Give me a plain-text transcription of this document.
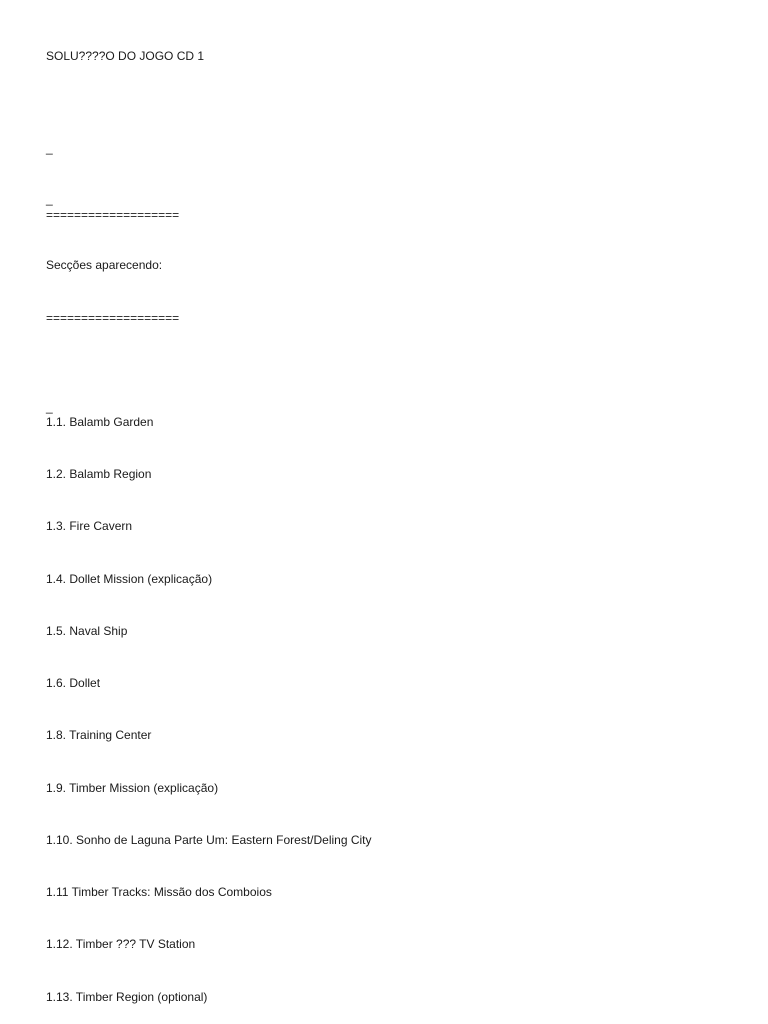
SOLU????O DO JOGO CD 1
_
_
===================
Secções aparecendo:
===================
_
1.1. Balamb Garden
1.2. Balamb Region
1.3. Fire Cavern
1.4. Dollet Mission (explicação)
1.5. Naval Ship
1.6. Dollet
1.8. Training Center
1.9. Timber Mission (explicação)
1.10. Sonho de Laguna Parte Um: Eastern Forest/Deling City
1.11 Timber Tracks: Missão dos Comboios
1.12. Timber ??? TV Station
1.13. Timber Region (optional)
